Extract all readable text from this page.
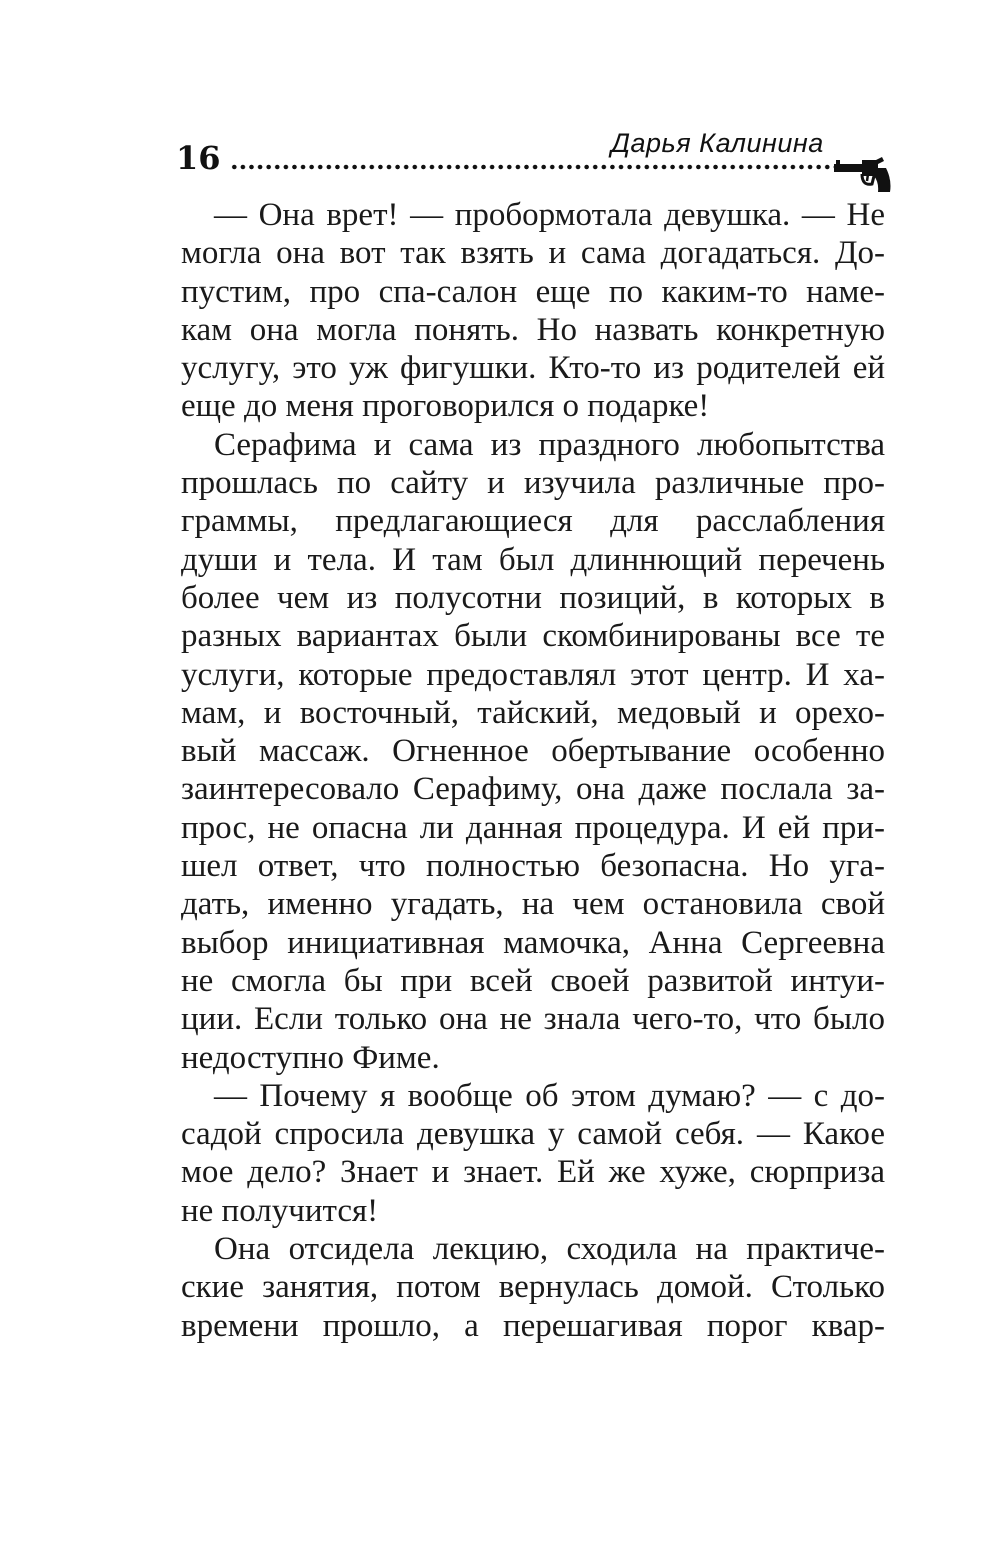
16	Дарья Калинина
— Она врет! — пробормотала девушка. — Не
могла она вот так взять и сама догадаться. До-
пустим, про спа-салон еще по каким-то наме-
кам она могла понять. Но назвать конкретную
услугу, это уж фигушки. Кто-то из родителей ей
еще до меня проговорился о подарке!
Серафима и сама из праздного любопытства
прошлась по сайту и изучила различные про-
граммы, предлагающиеся для расслабления
души и тела. И там был длиннющий перечень
более чем из полусотни позиций, в которых в
разных вариантах были скомбинированы все те
услуги, которые предоставлял этот центр. И ха-
мам, и восточный, тайский, медовый и орехо-
вый массаж. Огненное обертывание особенно
заинтересовало Серафиму, она даже послала за-
прос, не опасна ли данная процедура. И ей при-
шел ответ, что полностью безопасна. Но уга-
дать, именно угадать, на чем остановила свой
выбор инициативная мамочка, Анна Сергеевна
не смогла бы при всей своей развитой интуи-
ции. Если только она не знала чего-то, что было
недоступно Фиме.
— Почему я вообще об этом думаю? — с до-
садой спросила девушка у самой себя. — Какое
мое дело? Знает и знает. Ей же хуже, сюрприза
не получится!
Она отсидела лекцию, сходила на практиче-
ские занятия, потом вернулась домой. Столько
времени прошло, а перешагивая порог квар-
